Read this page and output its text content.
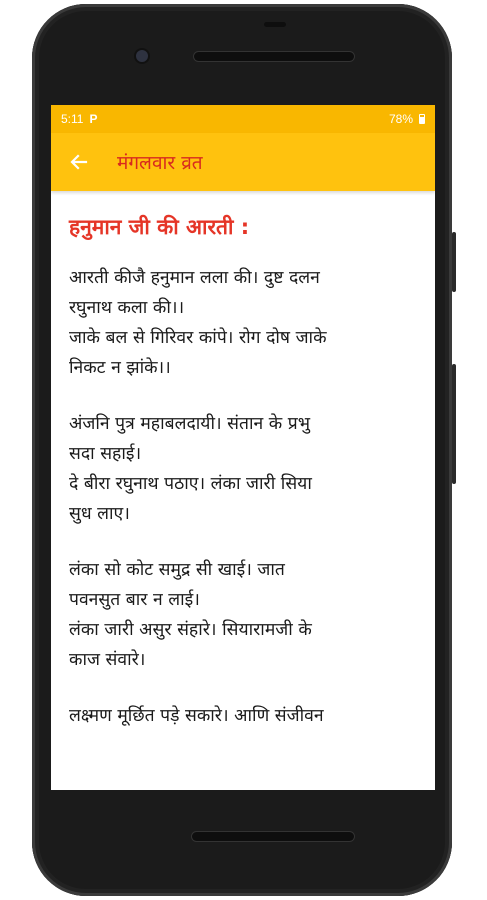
5:11 P	78%
मंगलवार व्रत
हनुमान जी की आरती :

आरती कीजै हनुमान लला की। दुष्ट दलन

रघुनाथ कला की।।

जाके बल से गिरिवर कांपे। रोग दोष जाके

निकट न झांके।।

अंजनि पुत्र महाबलदायी। संतान के प्रभु

सदा सहाई।

दे बीरा रघुनाथ पठाए। लंका जारी सिया

सुध लाए।

लंका सो कोट समुद्र सी खाई। जात

पवनसुत बार न लाई।

लंका जारी असुर संहारे। सियारामजी के

काज संवारे।

लक्ष्मण मूर्छित पड़े सकारे। आणि संजीवन
